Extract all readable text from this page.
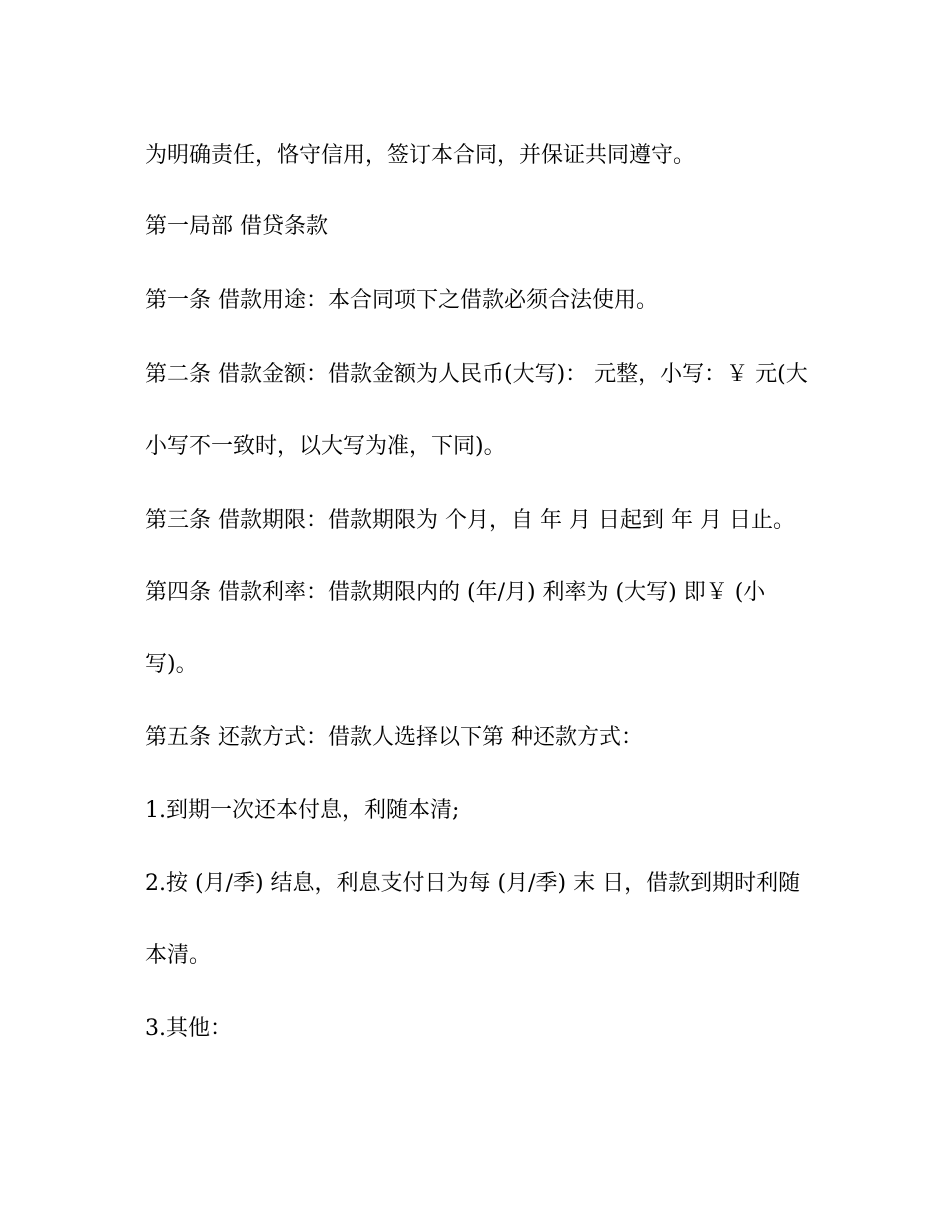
为明确责任，恪守信用，签订本合同，并保证共同遵守。
第一局部 借贷条款
第一条 借款用途：本合同项下之借款必须合法使用。
第二条 借款金额：借款金额为人民币(大写)： 元整，小写：￥ 元(大
小写不一致时，以大写为准，下同)。
第三条 借款期限：借款期限为 个月，自 年 月 日起到 年 月 日止。
第四条 借款利率：借款期限内的 (年/月) 利率为 (大写) 即￥ (小
写)。
第五条 还款方式：借款人选择以下第 种还款方式：
1.到期一次还本付息，利随本清;
2.按 (月/季) 结息，利息支付日为每 (月/季) 末 日，借款到期时利随
本清。
3.其他：
